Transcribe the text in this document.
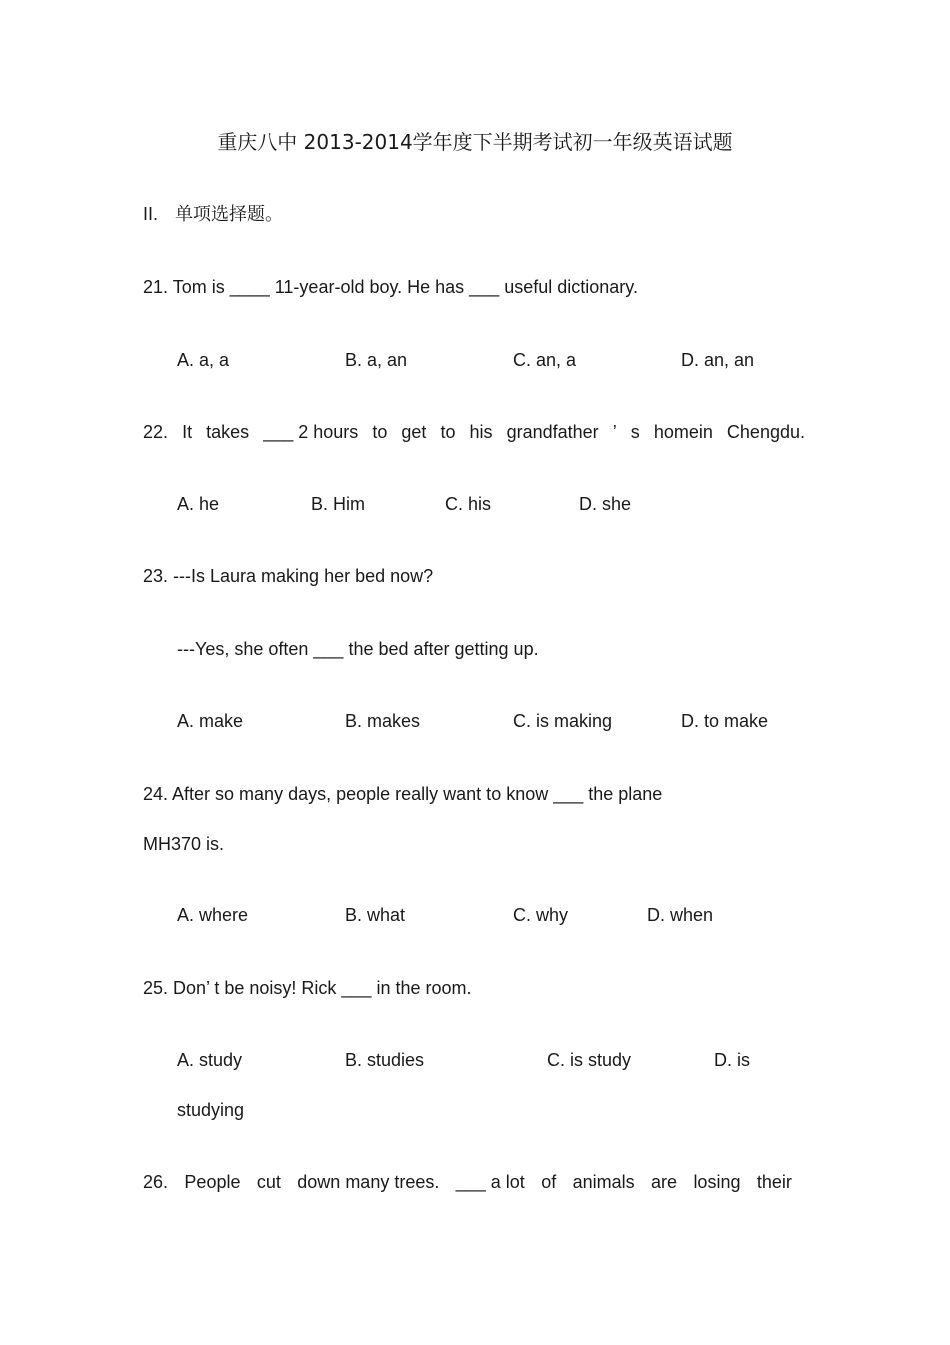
重庆八中 2013-2014学年度下半期考试初一年级英语试题
II. 单项选择题。
21. Tom is ____ 11-year-old boy. He has ___ useful dictionary.
A. a, a	B. a, an	C. an, a	D. an, an
22. It takes ___ 2 hours to get to his grandfather ’ s homein Chengdu.
A. he	B. Him	C. his	D. she
23. ---Is Laura making her bed now?
---Yes, she often ___ the bed after getting up.
A. make	B. makes	C. is making	D. to make
24. After so many days, people really want to know ___ the plane
MH370 is.
A. where	B. what	C. why	D. when
25. Don’ t be noisy! Rick ___ in the room.
A. study	B. studies	C. is study	D. is
studying
26. People cut down many trees. ___ a lot of animals are losing their
